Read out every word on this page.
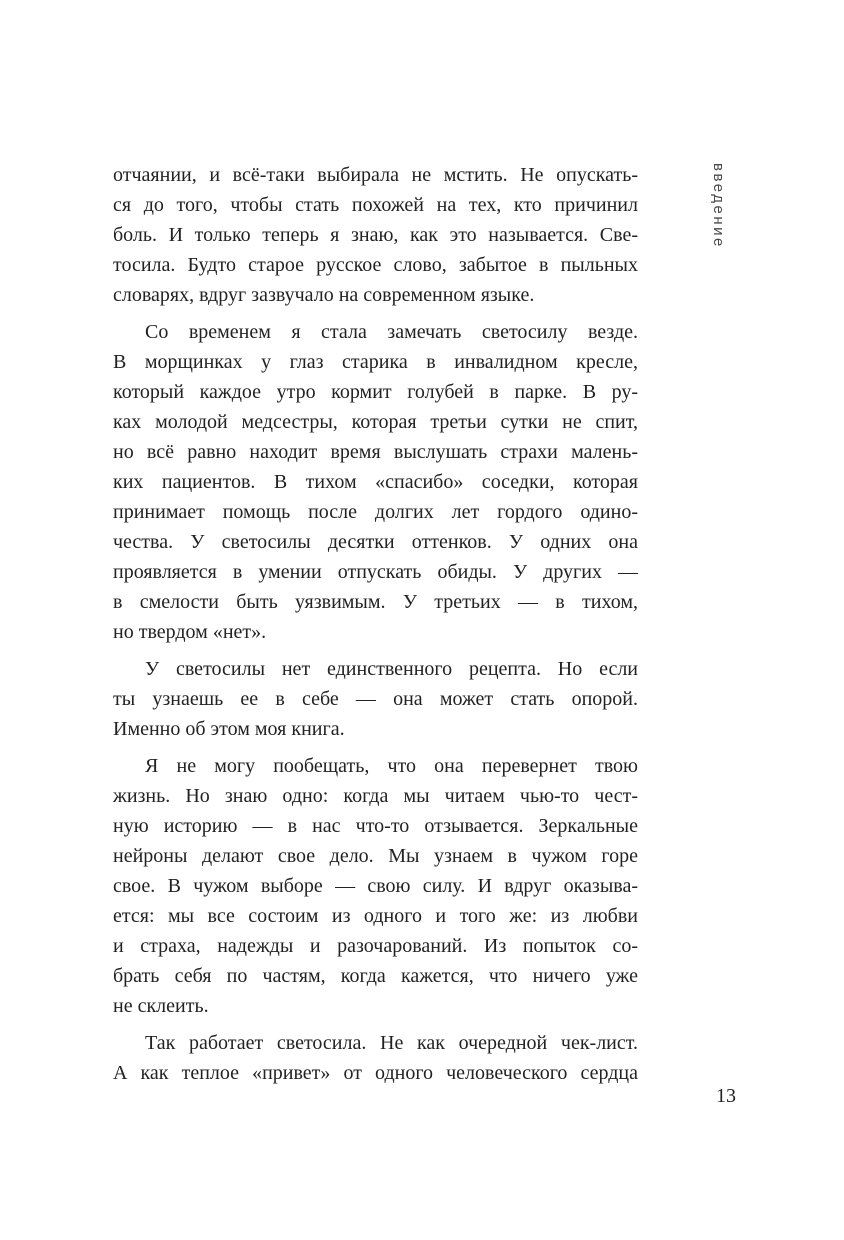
отчаянии, и всё-таки выбирала не мстить. Не опускать-
ся до того, чтобы стать похожей на тех, кто причинил
боль. И только теперь я знаю, как это называется. Све-
тосила. Будто старое русское слово, забытое в пыльных
словарях, вдруг зазвучало на современном языке.
Со временем я стала замечать светосилу везде.
В морщинках у глаз старика в инвалидном кресле,
который каждое утро кормит голубей в парке. В ру-
ках молодой медсестры, которая третьи сутки не спит,
но всё равно находит время выслушать страхи малень-
ких пациентов. В тихом «спасибо» соседки, которая
принимает помощь после долгих лет гордого одино-
чества. У светосилы десятки оттенков. У одних она
проявляется в умении отпускать обиды. У других —
в смелости быть уязвимым. У третьих — в тихом,
но твердом «нет».
У светосилы нет единственного рецепта. Но если
ты узнаешь ее в себе — она может стать опорой.
Именно об этом моя книга.
Я не могу пообещать, что она перевернет твою
жизнь. Но знаю одно: когда мы читаем чью-то чест-
ную историю — в нас что-то отзывается. Зеркальные
нейроны делают свое дело. Мы узнаем в чужом горе
свое. В чужом выборе — свою силу. И вдруг оказыва-
ется: мы все состоим из одного и того же: из любви
и страха, надежды и разочарований. Из попыток со-
брать себя по частям, когда кажется, что ничего уже
не склеить.
Так работает светосила. Не как очередной чек-лист.
А как теплое «привет» от одного человеческого сердца
введение
13
